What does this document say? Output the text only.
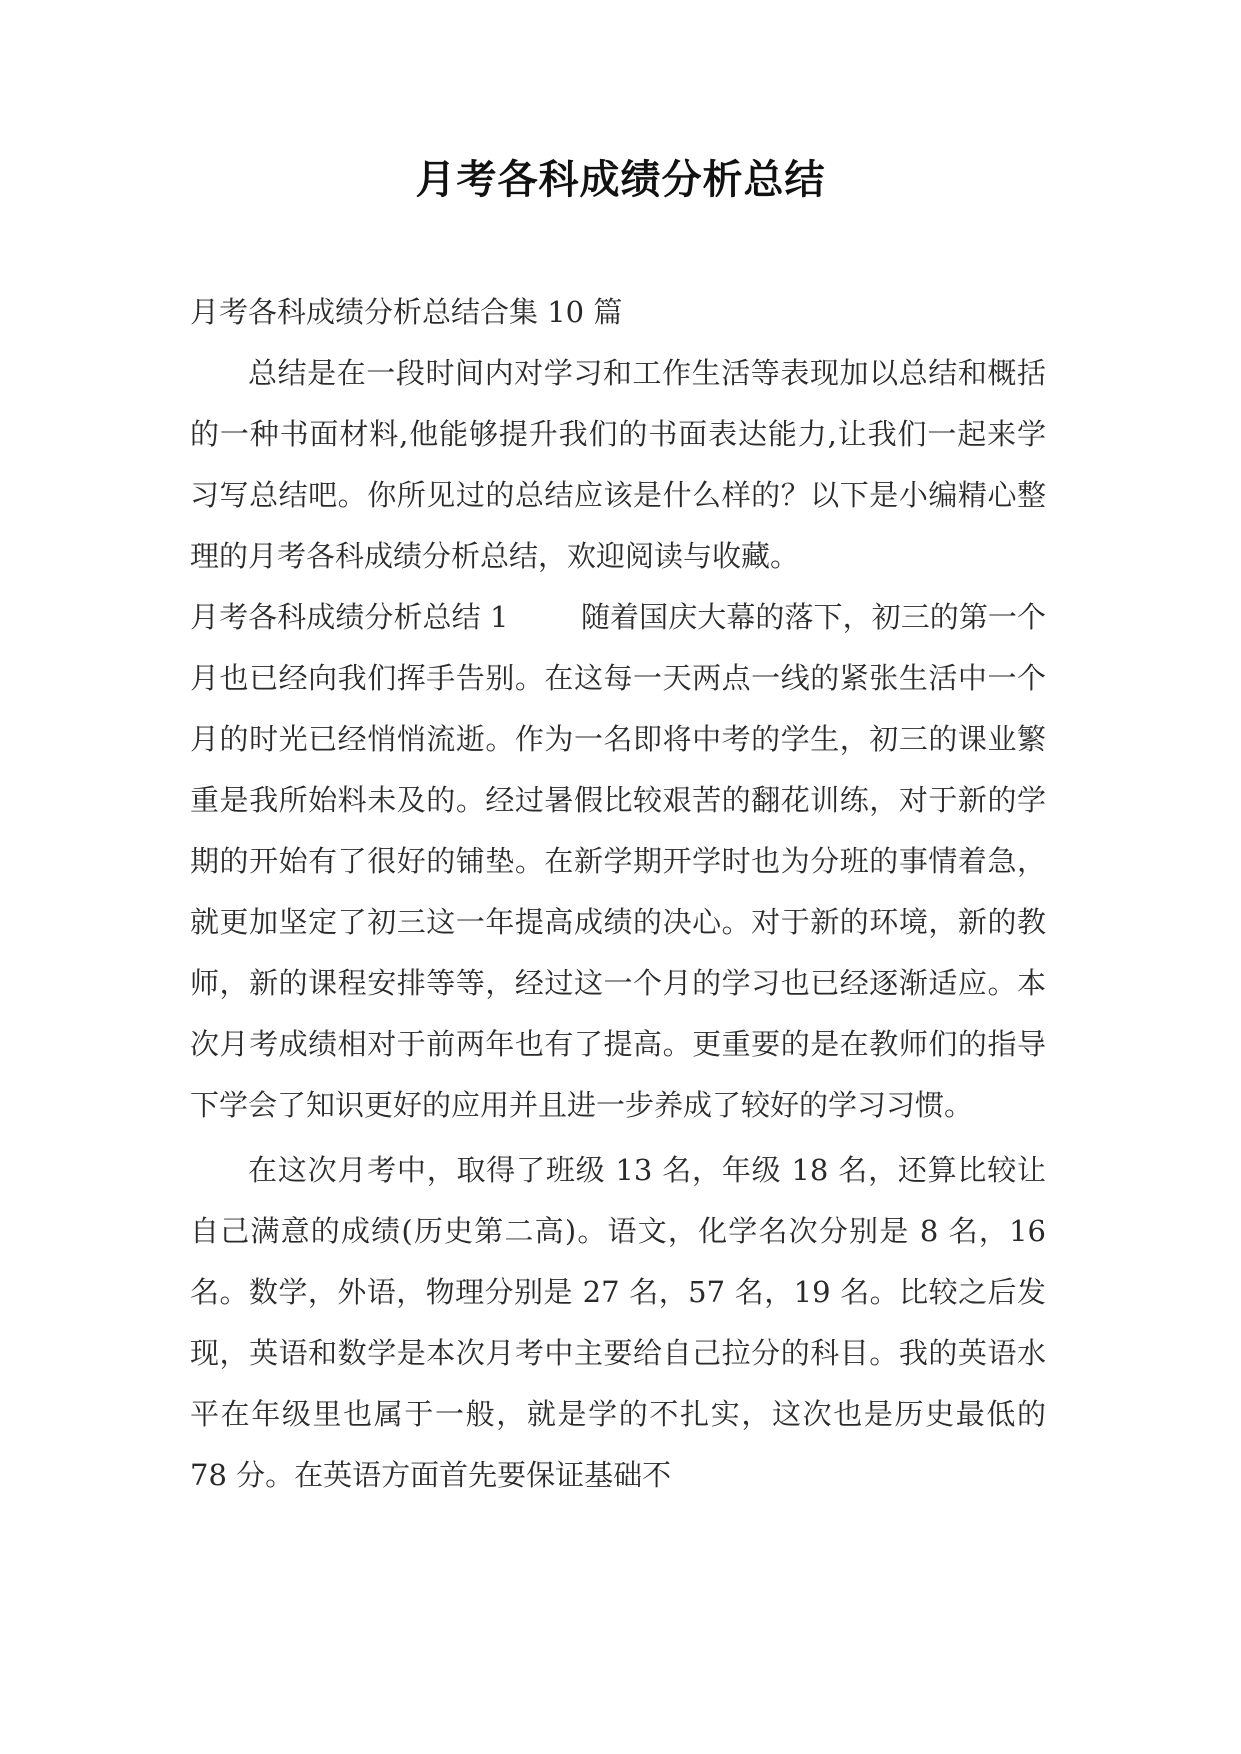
月考各科成绩分析总结

月考各科成绩分析总结合集 10 篇

总结是在一段时间内对学习和工作生活等表现加以总结和概括的一种书面材料,他能够提升我们的书面表达能力,让我们一起来学习写总结吧。你所见过的总结应该是什么样的？以下是小编精心整理的月考各科成绩分析总结，欢迎阅读与收藏。

月考各科成绩分析总结 1	随着国庆大幕的落下，初三的第一个月也已经向我们挥手告别。在这每一天两点一线的紧张生活中一个月的时光已经悄悄流逝。作为一名即将中考的学生，初三的课业繁重是我所始料未及的。经过暑假比较艰苦的翻花训练，对于新的学期的开始有了很好的铺垫。在新学期开学时也为分班的事情着急，就更加坚定了初三这一年提高成绩的决心。对于新的环境，新的教师，新的课程安排等等，经过这一个月的学习也已经逐渐适应。本次月考成绩相对于前两年也有了提高。更重要的是在教师们的指导下学会了知识更好的应用并且进一步养成了较好的学习习惯。

在这次月考中，取得了班级 13 名，年级 18 名，还算比较让自己满意的成绩(历史第二高)。语文，化学名次分别是 8 名，16 名。数学，外语，物理分别是 27 名，57 名，19 名。比较之后发现，英语和数学是本次月考中主要给自己拉分的科目。我的英语水平在年级里也属于一般，就是学的不扎实，这次也是历史最低的 78 分。在英语方面首先要保证基础不
